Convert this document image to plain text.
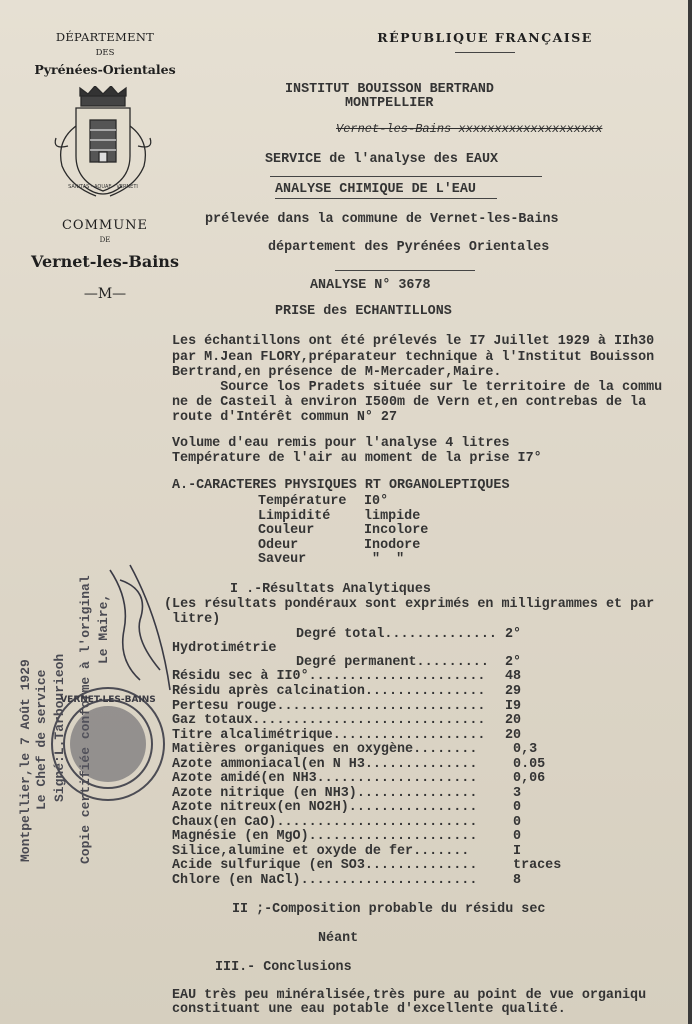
DÉPARTEMENT
DES
Pyrénées-Orientales
SANITAS · AQUAE · VERNETI
COMMUNE
DE
Vernet-les-Bains
—M—
RÉPUBLIQUE FRANÇAISE
INSTITUT BOUISSON BERTRAND
MONTPELLIER
Vernet-les-Bains xxxxxxxxxxxxxxxxxxxx
SERVICE de l'analyse des EAUX
ANALYSE CHIMIQUE DE L'EAU
prélevée dans la commune de Vernet-les-Bains
département des Pyrénées Orientales
ANALYSE N° 3678
PRISE des ECHANTILLONS
Les échantillons ont été prélevés le I7 Juillet 1929 à IIh30
par M.Jean FLORY,préparateur technique à l'Institut Bouisson
Bertrand,en présence de M-Mercader,Maire.
Source los Pradets située sur le territoire de la commu
ne de Casteil à environ I500m de Vern et,en contrebas de la
route d'Intérêt commun N° 27
Volume d'eau remis pour l'analyse 4 litres
Température de l'air au moment de la prise I7°
A.-CARACTERES PHYSIQUES RT ORGANOLEPTIQUES
Température I0°
Limpidité	limpide
Couleur	Incolore
Odeur	Inodore
Saveur	"  "
I .-Résultats Analytiques
(Les résultats pondéraux sont exprimés en milligrammes et par
litre)
Degré total.............. 2°
Hydrotimétrie
Degré permanent......... 2°
Résidu sec à II0°...................... 48
Résidu après calcination............... 29
Pertesu rouge.......................... I9
Gaz totaux............................. 20
Titre alcalimétrique................... 20
Matières organiques en oxygène........ 0,3
Azote ammoniacal(en N H3.............. 0.05
Azote amidé(en NH3.................... 0,06
Azote nitrique (en NH3)............... 3
Azote nitreux(en NO2H)................ 0
Chaux(en CaO)......................... 0
Magnésie (en MgO)..................... 0
Silice,alumine et oxyde de fer.......	I
Acide sulfurique (en SO3.............. traces
Chlore (en NaCl)...................... 8
II ;-Composition probable du résidu sec
Néant
III.- Conclusions
EAU très peu minéralisée,très pure au point de vue organiqu
constituant une eau potable d'excellente qualité.
Montpellier,le 7 Août 1929 Le Chef de service Signé:L.Tarbourieoh
Le Maire,
VERNET-LES-BAINS
